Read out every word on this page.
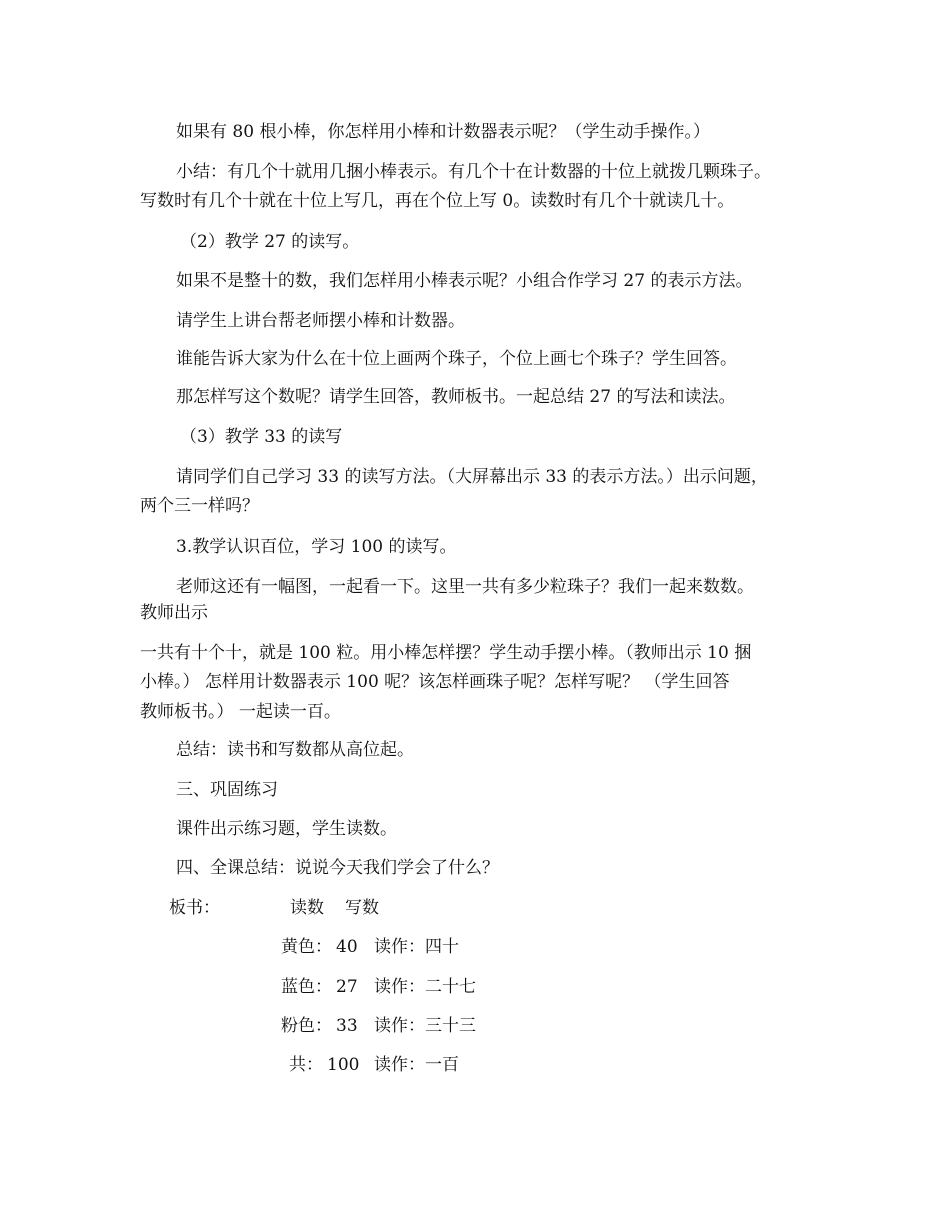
如果有 80 根小棒，你怎样用小棒和计数器表示呢？（学生动手操作。）
小结：有几个十就用几捆小棒表示。有几个十在计数器的十位上就拨几颗珠子。
写数时有几个十就在十位上写几，再在个位上写 0。读数时有几个十就读几十。
（2）教学 27 的读写。
如果不是整十的数，我们怎样用小棒表示呢？小组合作学习 27 的表示方法。
请学生上讲台帮老师摆小棒和计数器。
谁能告诉大家为什么在十位上画两个珠子，个位上画七个珠子？学生回答。
那怎样写这个数呢？请学生回答，教师板书。一起总结 27 的写法和读法。
（3）教学 33 的读写
请同学们自己学习 33 的读写方法。（大屏幕出示 33 的表示方法。）出示问题，
两个三一样吗？
3.教学认识百位，学习 100 的读写。
老师这还有一幅图，一起看一下。这里一共有多少粒珠子？我们一起来数数。
教师出示
一共有十个十，就是 100 粒。用小棒怎样摆？学生动手摆小棒。（教师出示 10 捆
小棒。） 怎样用计数器表示 100 呢？该怎样画珠子呢？怎样写呢？ （学生回答
教师板书。） 一起读一百。
总结：读书和写数都从高位起。
三、巩固练习
课件出示练习题，学生读数。
四、全课总结：说说今天我们学会了什么？
板书：	读数 写数
黄色： 40 读作：四十
蓝色： 27 读作：二十七
粉色： 33 读作：三十三
共： 100 读作：一百
